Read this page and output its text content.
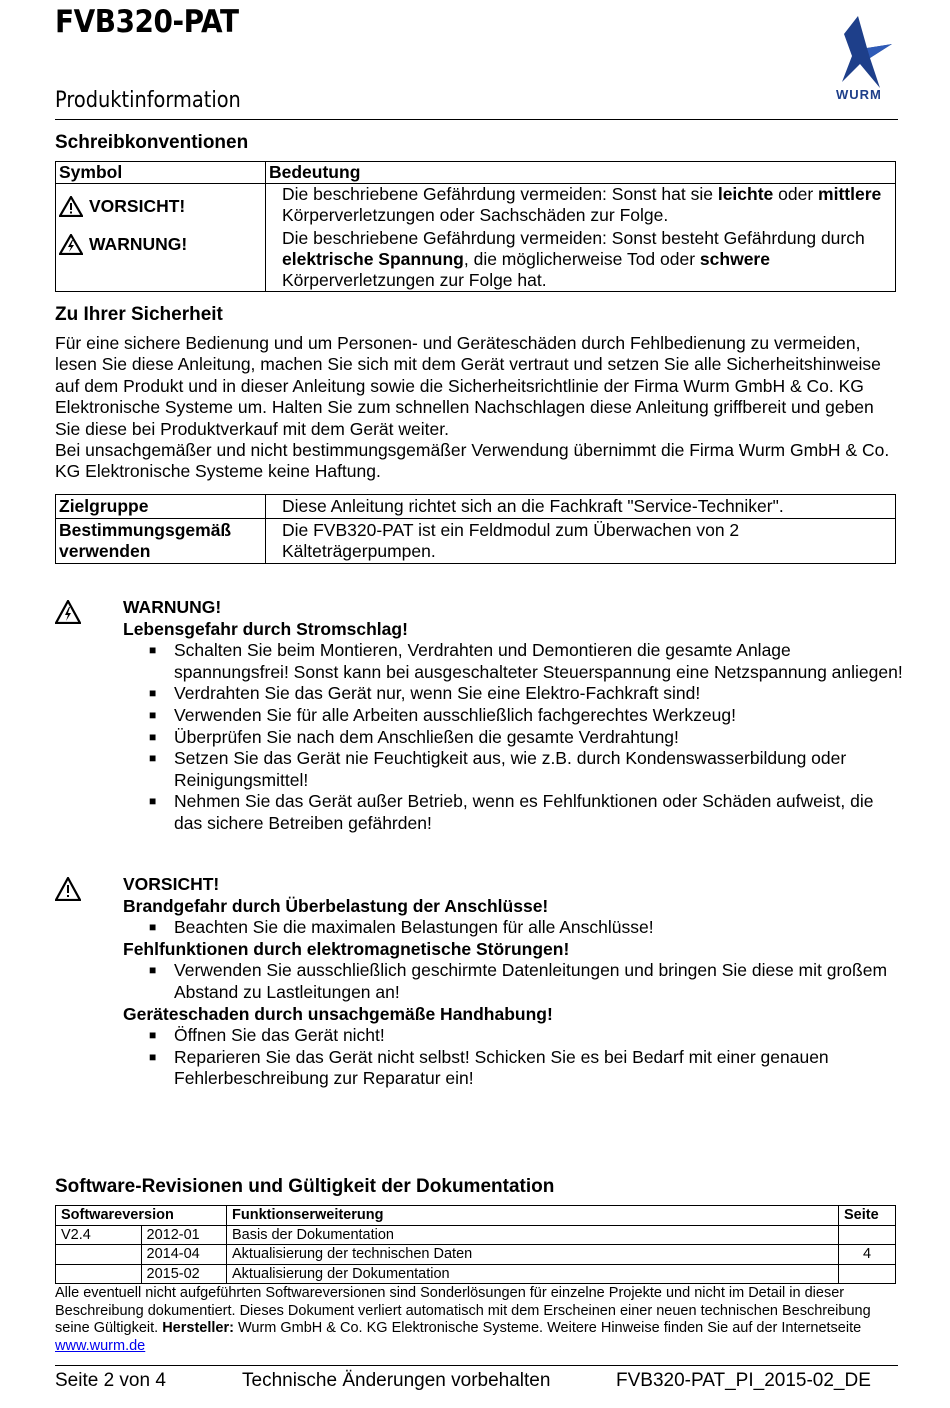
FVB320-PAT
Produktinformation	WURM
Schreibkonventionen
Symbol	Bedeutung

VORSICHT!	Die beschriebene Gefährdung vermeiden: Sonst hat sie leichte oder mittlere Körperverletzungen oder Sachschäden zur Folge.

WARNUNG!	Die beschriebene Gefährdung vermeiden: Sonst besteht Gefährdung durch elektrische Spannung, die möglicherweise Tod oder schwere Körperverletzungen zur Folge hat.
Zu Ihrer Sicherheit
Für eine sichere Bedienung und um Personen- und Geräteschäden durch Fehlbedienung zu vermeiden, lesen Sie diese Anleitung, machen Sie sich mit dem Gerät vertraut und setzen Sie alle Sicherheitshinweise auf dem Produkt und in dieser Anleitung sowie die Sicherheitsrichtlinie der Firma Wurm GmbH & Co. KG Elektronische Systeme um. Halten Sie zum schnellen Nachschlagen diese Anleitung griffbereit und geben Sie diese bei Produktverkauf mit dem Gerät weiter.
Bei unsachgemäßer und nicht bestimmungsgemäßer Verwendung übernimmt die Firma Wurm GmbH & Co. KG Elektronische Systeme keine Haftung.
Zielgruppe	Diese Anleitung richtet sich an die Fachkraft "Service-Techniker".
Bestimmungsgemäß verwenden	Die FVB320-PAT ist ein Feldmodul zum Überwachen von 2 Kälteträgerpumpen.
WARNUNG!
Lebensgefahr durch Stromschlag!
■ Schalten Sie beim Montieren, Verdrahten und Demontieren die gesamte Anlage spannungsfrei! Sonst kann bei ausgeschalteter Steuerspannung eine Netzspannung anliegen!
■ Verdrahten Sie das Gerät nur, wenn Sie eine Elektro-Fachkraft sind!
■ Verwenden Sie für alle Arbeiten ausschließlich fachgerechtes Werkzeug!
■ Überprüfen Sie nach dem Anschließen die gesamte Verdrahtung!
■ Setzen Sie das Gerät nie Feuchtigkeit aus, wie z.B. durch Kondenswasserbildung oder Reinigungsmittel!
■ Nehmen Sie das Gerät außer Betrieb, wenn es Fehlfunktionen oder Schäden aufweist, die das sichere Betreiben gefährden!
VORSICHT!
Brandgefahr durch Überbelastung der Anschlüsse!
■ Beachten Sie die maximalen Belastungen für alle Anschlüsse!
Fehlfunktionen durch elektromagnetische Störungen!
■ Verwenden Sie ausschließlich geschirmte Datenleitungen und bringen Sie diese mit großem Abstand zu Lastleitungen an!
Geräteschaden durch unsachgemäße Handhabung!
■ Öffnen Sie das Gerät nicht!
■ Reparieren Sie das Gerät nicht selbst! Schicken Sie es bei Bedarf mit einer genauen Fehlerbeschreibung zur Reparatur ein!
Software-Revisionen und Gültigkeit der Dokumentation
Softwareversion		Funktionserweiterung	Seite
V2.4	2012-01	Basis der Dokumentation	
	2014-04	Aktualisierung der technischen Daten	4
	2015-02	Aktualisierung der Dokumentation	
Alle eventuell nicht aufgeführten Softwareversionen sind Sonderlösungen für einzelne Projekte und nicht im Detail in dieser Beschreibung dokumentiert. Dieses Dokument verliert automatisch mit dem Erscheinen einer neuen technischen Beschreibung seine Gültigkeit. Hersteller: Wurm GmbH & Co. KG Elektronische Systeme. Weitere Hinweise finden Sie auf der Internetseite
www.wurm.de
Seite 2 von 4	Technische Änderungen vorbehalten	FVB320-PAT_PI_2015-02_DE
